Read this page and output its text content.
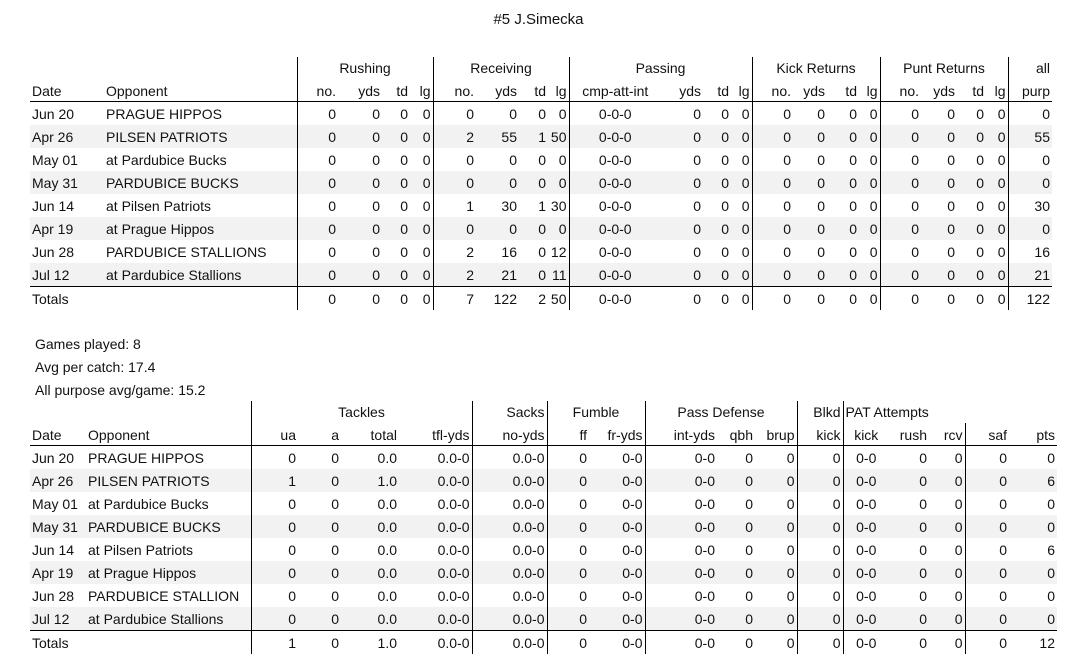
#5 J.Simecka
		Rushing				Receiving				Passing				Kick Returns				Punt Returns				all
Date	Opponent	no.	yds	td	lg	no.	yds	td	lg	cmp-att-int	yds	td	lg	no.	yds	td	lg	no.	yds	td	lg	purp
Jun 20	PRAGUE HIPPOS	0	0	0	0	0	0	0	0	0-0-0	0	0	0	0	0	0	0	0	0	0	0	0
Apr 26	PILSEN PATRIOTS	0	0	0	0	2	55	1	50	0-0-0	0	0	0	0	0	0	0	0	0	0	0	55
May 01	at Pardubice Bucks	0	0	0	0	0	0	0	0	0-0-0	0	0	0	0	0	0	0	0	0	0	0	0
May 31	PARDUBICE BUCKS	0	0	0	0	0	0	0	0	0-0-0	0	0	0	0	0	0	0	0	0	0	0	0
Jun 14	at Pilsen Patriots	0	0	0	0	1	30	1	30	0-0-0	0	0	0	0	0	0	0	0	0	0	0	30
Apr 19	at Prague Hippos	0	0	0	0	0	0	0	0	0-0-0	0	0	0	0	0	0	0	0	0	0	0	0
Jun 28	PARDUBICE STALLIONS	0	0	0	0	2	16	0	12	0-0-0	0	0	0	0	0	0	0	0	0	0	0	16
Jul 12	at Pardubice Stallions	0	0	0	0	2	21	0	11	0-0-0	0	0	0	0	0	0	0	0	0	0	0	21
Totals		0	0	0	0	7	122	2	50	0-0-0	0	0	0	0	0	0	0	0	0	0	0	122
Games played: 8
Avg per catch: 17.4
All purpose avg/game: 15.2
		Tackles				Sacks	Fumble		Pass Defense			Blkd	PAT Attempts				
Date	Opponent	ua	a	total	tfl-yds	no-yds	ff	fr-yds	int-yds	qbh	brup	kick	kick	rush	rcv	saf	pts
Jun 20	PRAGUE HIPPOS	0	0	0.0	0.0-0	0.0-0	0	0-0	0-0	0	0	0	0-0	0	0	0	0
Apr 26	PILSEN PATRIOTS	1	0	1.0	0.0-0	0.0-0	0	0-0	0-0	0	0	0	0-0	0	0	0	6
May 01	at Pardubice Bucks	0	0	0.0	0.0-0	0.0-0	0	0-0	0-0	0	0	0	0-0	0	0	0	0
May 31	PARDUBICE BUCKS	0	0	0.0	0.0-0	0.0-0	0	0-0	0-0	0	0	0	0-0	0	0	0	0
Jun 14	at Pilsen Patriots	0	0	0.0	0.0-0	0.0-0	0	0-0	0-0	0	0	0	0-0	0	0	0	6
Apr 19	at Prague Hippos	0	0	0.0	0.0-0	0.0-0	0	0-0	0-0	0	0	0	0-0	0	0	0	0
Jun 28	PARDUBICE STALLION	0	0	0.0	0.0-0	0.0-0	0	0-0	0-0	0	0	0	0-0	0	0	0	0
Jul 12	at Pardubice Stallions	0	0	0.0	0.0-0	0.0-0	0	0-0	0-0	0	0	0	0-0	0	0	0	0
Totals		1	0	1.0	0.0-0	0.0-0	0	0-0	0-0	0	0	0	0-0	0	0	0	12
